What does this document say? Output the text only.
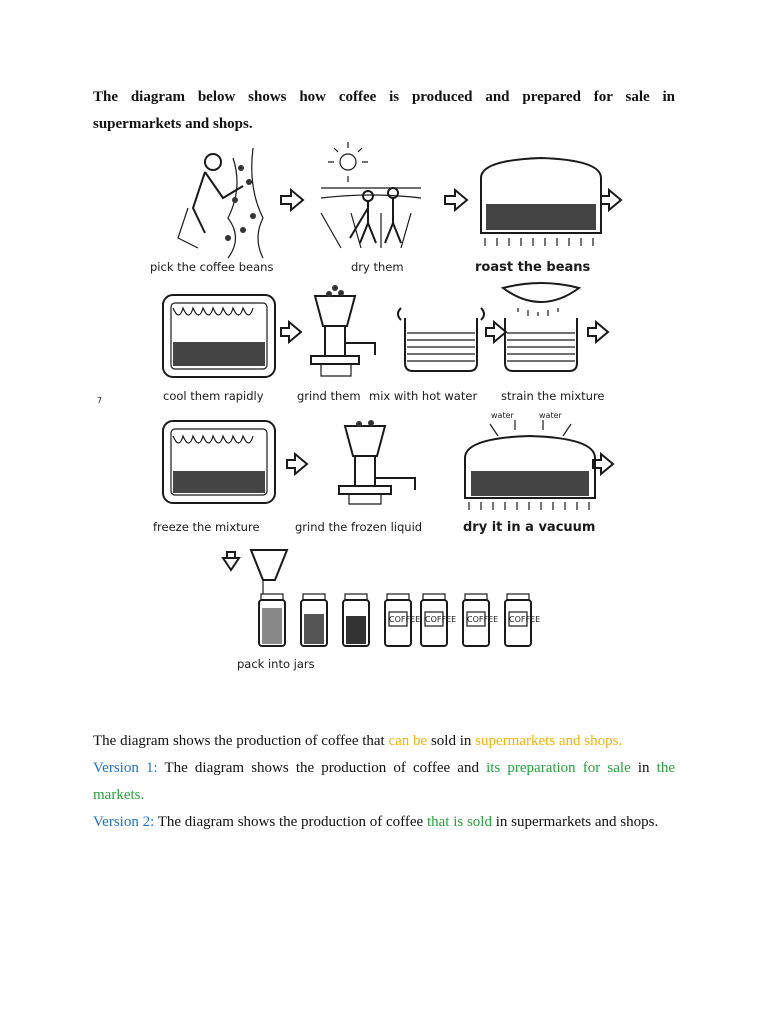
The diagram below shows how coffee is produced and prepared for sale in
supermarkets and shops.
pick the coffee beans	dry them	roast the beans
cool them rapidly	grind them mix with hot water strain the mixture
7
freeze the mixture	grind the frozen liquid
water	water
dry it in a vacuum
COFFEE COFFEE COFFEE COFFEE
pack into jars

The diagram shows the production of coffee that can be sold in supermarkets and shops.

Version 1: The diagram shows the production of coffee and its preparation for sale in the markets.

Version 2: The diagram shows the production of coffee that is sold in supermarkets and shops.
